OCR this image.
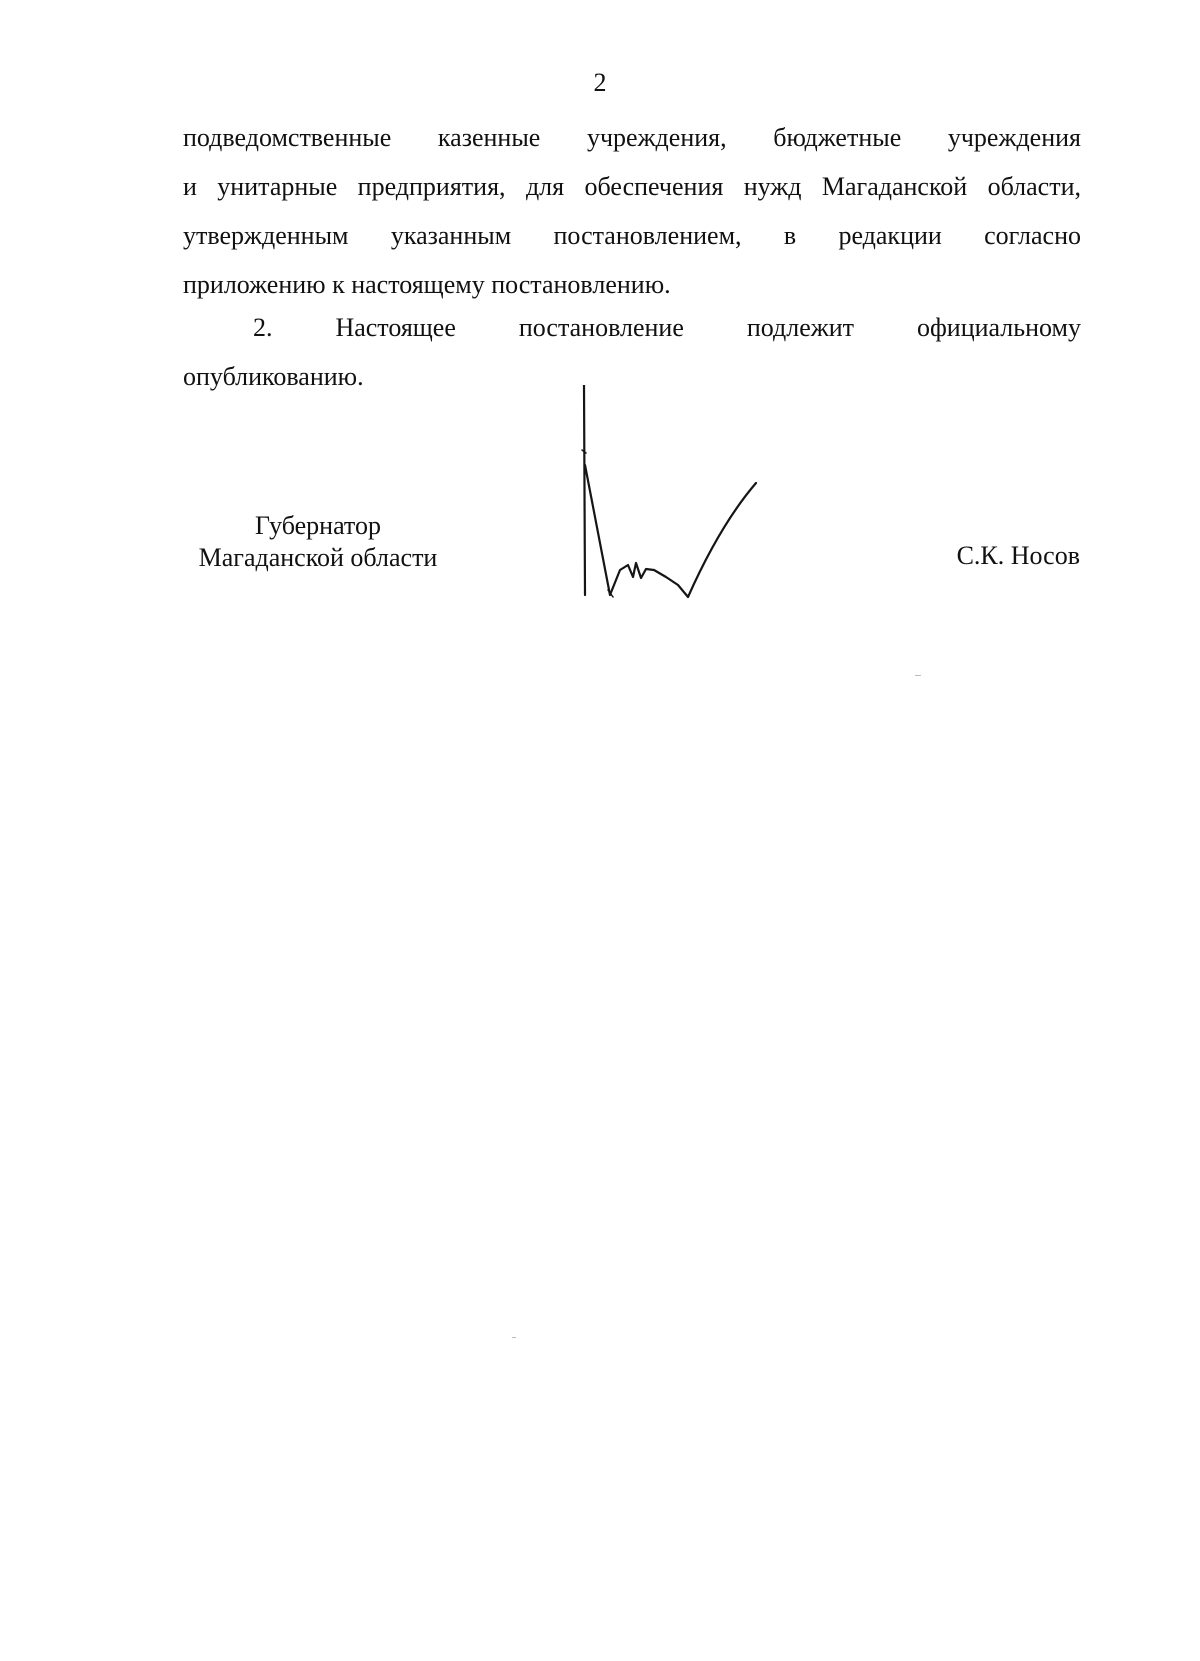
2
подведомственные казенные учреждения, бюджетные учреждения
и унитарные предприятия, для обеспечения нужд Магаданской области,
утвержденным указанным постановлением, в редакции согласно
приложению к настоящему постановлению.
2. Настоящее постановление подлежит официальному
опубликованию.
Губернатор
Магаданской области	С.К. Носов
